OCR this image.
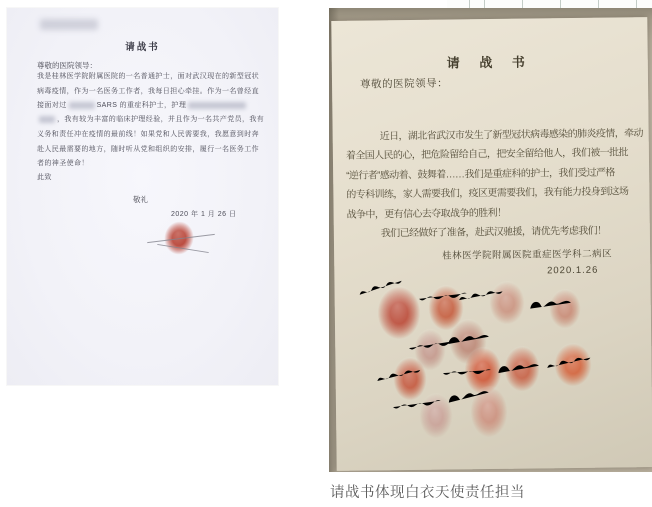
请战书
尊敬的医院领导：
我是桂林医学院附属医院的一名普通护士，面对武汉现在的新型冠状
病毒疫情，作为一名医务工作者，我每日担心牵挂。作为一名曾经直
接面对过	SARS 的重症科护士，护理
，我有较为丰富的临床护理经验，并且作为一名共产党员，我有
义务和责任冲在疫情的最前线！如果党和人民需要我，我愿意到时奔
赴人民最需要的地方，随时听从党和组织的安排，履行一名医务工作
者的神圣使命！
此致
敬礼
2020 年 1 月 26 日
请 战 书
尊敬的医院领导：
近日，湖北省武汉市发生了新型冠状病毒感染的肺炎疫情，牵动
着全国人民的心，把危险留给自己，把安全留给他人，我们被一批批
“逆行者”感动着、鼓舞着……我们是重症科的护士，我们受过严格
的专科训练，家人需要我们，疫区更需要我们，我有能力投身到这场
战争中，更有信心去夺取战争的胜利！
我们已经做好了准备，赴武汉驰援，请优先考虑我们！
桂林医学院附属医院重症医学科二病区
2020.1.26

请战书体现白衣天使责任担当
